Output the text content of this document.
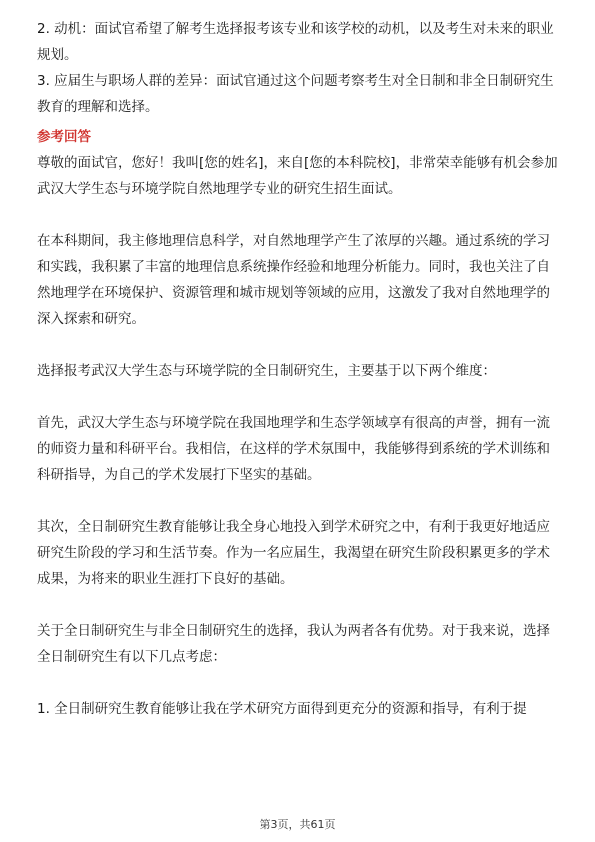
2. 动机：面试官希望了解考生选择报考该专业和该学校的动机，以及考生对未来的职业规划。

3. 应届生与职场人群的差异：面试官通过这个问题考察考生对全日制和非全日制研究生教育的理解和选择。

参考回答

尊敬的面试官，您好！我叫[您的姓名]，来自[您的本科院校]，非常荣幸能够有机会参加武汉大学生态与环境学院自然地理学专业的研究生招生面试。

在本科期间，我主修地理信息科学，对自然地理学产生了浓厚的兴趣。通过系统的学习和实践，我积累了丰富的地理信息系统操作经验和地理分析能力。同时，我也关注了自然地理学在环境保护、资源管理和城市规划等领域的应用，这激发了我对自然地理学的深入探索和研究。

选择报考武汉大学生态与环境学院的全日制研究生，主要基于以下两个维度：

首先，武汉大学生态与环境学院在我国地理学和生态学领域享有很高的声誉，拥有一流的师资力量和科研平台。我相信，在这样的学术氛围中，我能够得到系统的学术训练和科研指导，为自己的学术发展打下坚实的基础。

其次，全日制研究生教育能够让我全身心地投入到学术研究之中，有利于我更好地适应研究生阶段的学习和生活节奏。作为一名应届生，我渴望在研究生阶段积累更多的学术成果，为将来的职业生涯打下良好的基础。

关于全日制研究生与非全日制研究生的选择，我认为两者各有优势。对于我来说，选择全日制研究生有以下几点考虑：

1. 全日制研究生教育能够让我在学术研究方面得到更充分的资源和指导，有利于提

第3页，共61页
